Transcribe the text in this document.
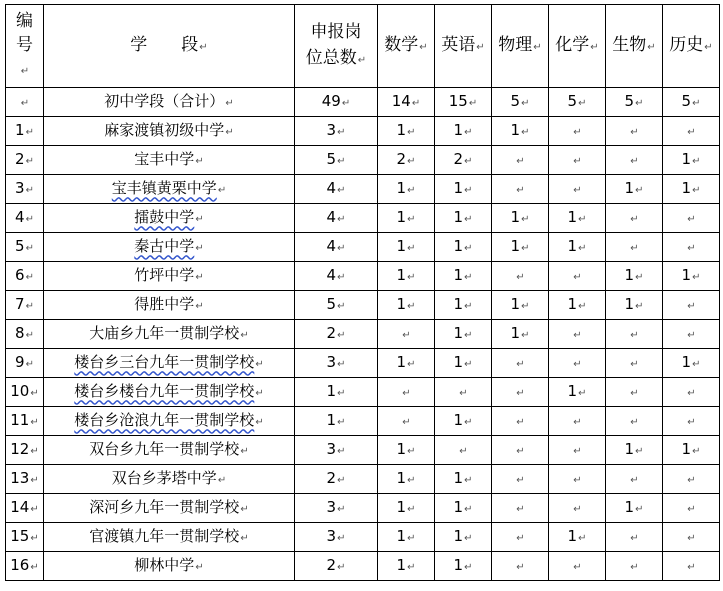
编
号↵	学　　段↵	申报岗
位总数↵	数学↵	英语↵	物理↵	化学↵	生物↵	历史↵
↵	初中学段（合计）↵	49↵	14↵	15↵	5↵	5↵	5↵	5↵
1↵	麻家渡镇初级中学↵	3↵	1↵	1↵	1↵	↵	↵	↵
2↵	宝丰中学↵	5↵	2↵	2↵	↵	↵	↵	1↵
3↵	宝丰镇黄栗中学↵	4↵	1↵	1↵	↵	↵	1↵	1↵
4↵	擂鼓中学↵	4↵	1↵	1↵	1↵	1↵	↵	↵
5↵	秦古中学↵	4↵	1↵	1↵	1↵	1↵	↵	↵
6↵	竹坪中学↵	4↵	1↵	1↵	↵	↵	1↵	1↵
7↵	得胜中学↵	5↵	1↵	1↵	1↵	1↵	1↵	↵
8↵	大庙乡九年一贯制学校↵	2↵	↵	1↵	1↵	↵	↵	↵
9↵	楼台乡三台九年一贯制学校↵	3↵	1↵	1↵	↵	↵	↵	1↵
10↵	楼台乡楼台九年一贯制学校↵	1↵	↵	↵	↵	1↵	↵	↵
11↵	楼台乡沧浪九年一贯制学校↵	1↵	↵	1↵	↵	↵	↵	↵
12↵	双台乡九年一贯制学校↵	3↵	1↵	↵	↵	↵	1↵	1↵
13↵	双台乡茅塔中学↵	2↵	1↵	1↵	↵	↵	↵	↵
14↵	深河乡九年一贯制学校↵	3↵	1↵	1↵	↵	↵	1↵	↵
15↵	官渡镇九年一贯制学校↵	3↵	1↵	1↵	↵	1↵	↵	↵
16↵	柳林中学↵	2↵	1↵	1↵	↵	↵	↵	↵
